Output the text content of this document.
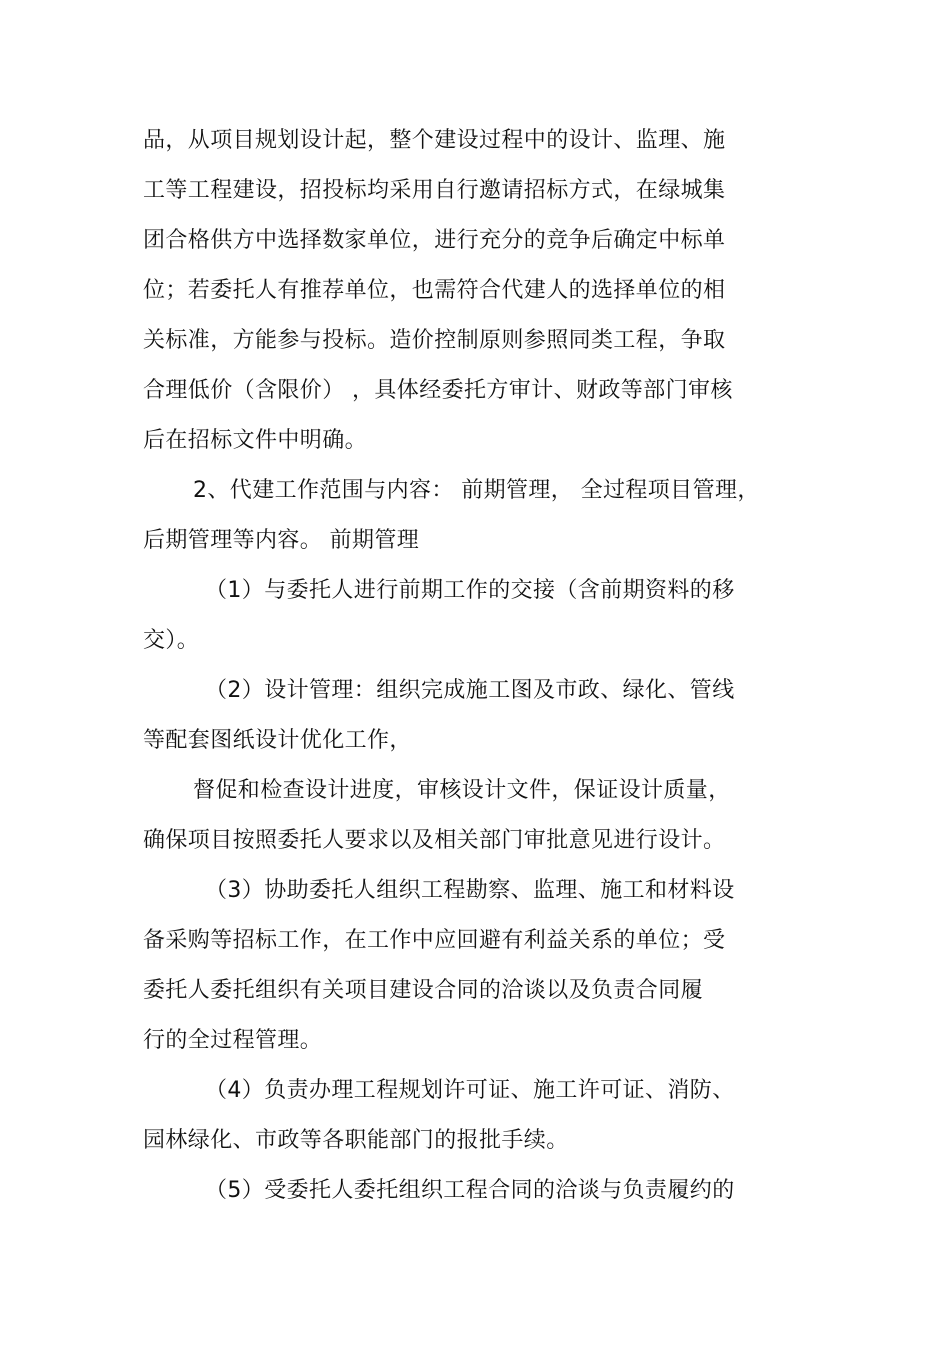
品，从项目规划设计起，整个建设过程中的设计、监理、施
工等工程建设，招投标均采用自行邀请招标方式，在绿城集
团合格供方中选择数家单位，进行充分的竞争后确定中标单
位；若委托人有推荐单位，也需符合代建人的选择单位的相
关标准，方能参与投标。造价控制原则参照同类工程，争取
合理低价（含限价） ，具体经委托方审计、财政等部门审核
后在招标文件中明确。
2、代建工作范围与内容： 前期管理， 全过程项目管理，
后期管理等内容。 前期管理
（1）与委托人进行前期工作的交接（含前期资料的移
交）。
（2）设计管理：组织完成施工图及市政、绿化、管线
等配套图纸设计优化工作，
督促和检查设计进度，审核设计文件，保证设计质量，
确保项目按照委托人要求以及相关部门审批意见进行设计。
（3）协助委托人组织工程勘察、监理、施工和材料设
备采购等招标工作，在工作中应回避有利益关系的单位；受
委托人委托组织有关项目建设合同的洽谈以及负责合同履
行的全过程管理。
（4）负责办理工程规划许可证、施工许可证、消防、
园林绿化、市政等各职能部门的报批手续。
（5）受委托人委托组织工程合同的洽谈与负责履约的
